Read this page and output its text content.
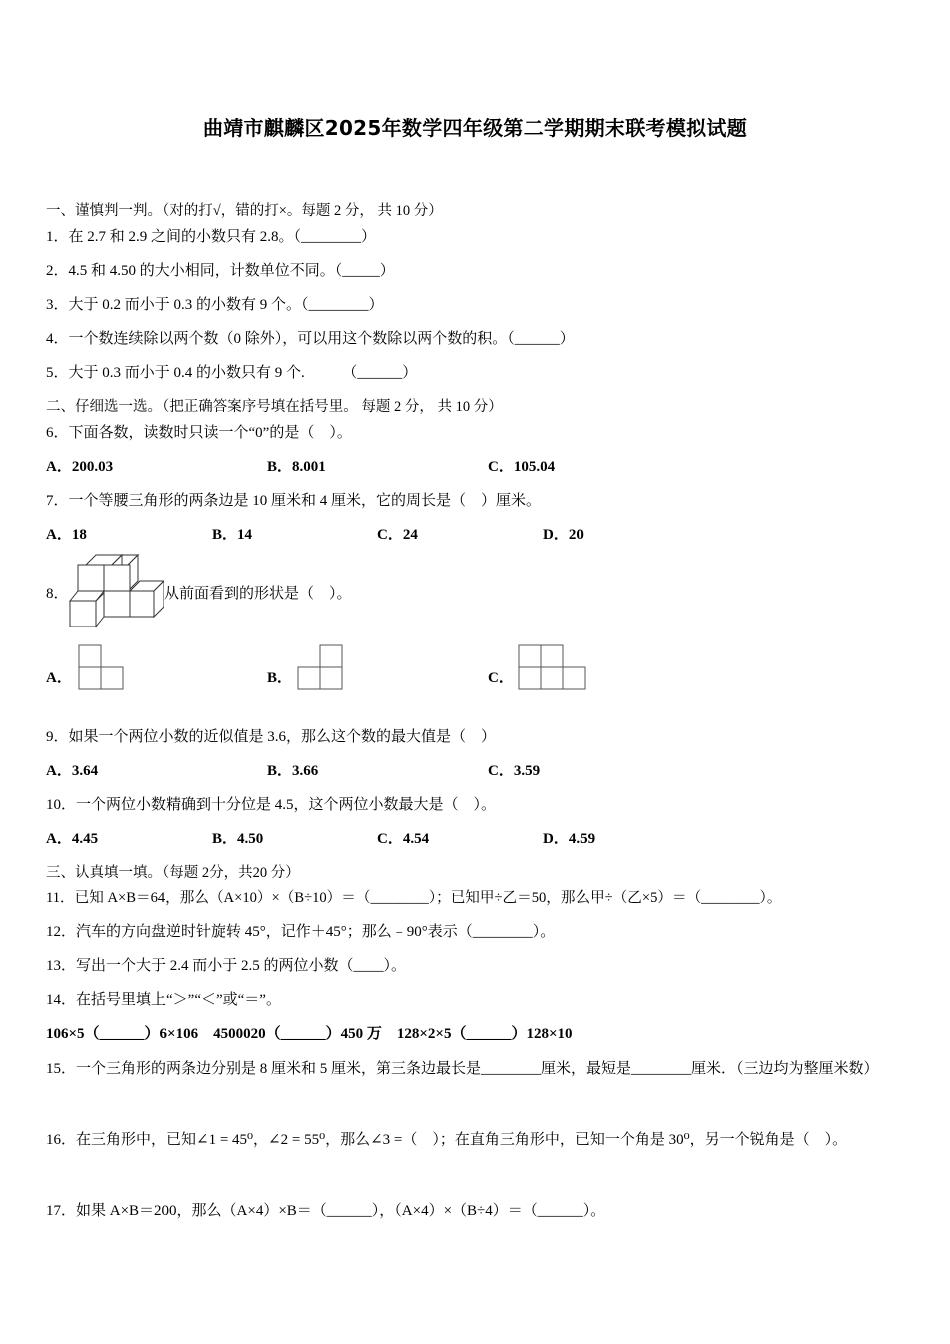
曲靖市麒麟区2025年数学四年级第二学期期末联考模拟试题
一、谨慎判一判。（对的打√，错的打×。每题 2 分， 共 10 分）
1．在 2.7 和 2.9 之间的小数只有 2.8。（________）
2．4.5 和 4.50 的大小相同，计数单位不同。（_____）
3．大于 0.2 而小于 0.3 的小数有 9 个。（________）
4．一个数连续除以两个数（0 除外），可以用这个数除以两个数的积。（______）
5．大于 0.3 而小于 0.4 的小数只有 9 个.　　　（______）
二、仔细选一选。（把正确答案序号填在括号里。 每题 2 分， 共 10 分）
6．下面各数，读数时只读一个“0”的是（　）。
A．200.03	B．8.001	C．105.04
7．一个等腰三角形的两条边是 10 厘米和 4 厘米，它的周长是（　）厘米。
A．18	B．14	C．24	D．20
8．	从前面看到的形状是（　）。
A．	B．	C．
9．如果一个两位小数的近似值是 3.6，那么这个数的最大值是（　）
A．3.64	B．3.66	C．3.59
10．一个两位小数精确到十分位是 4.5，这个两位小数最大是（　）。
A．4.45	B．4.50	C．4.54	D．4.59
三、认真填一填。（每题 2分，共20 分）
11．已知 A×B＝64，那么（A×10）×（B÷10）＝（________）；已知甲÷乙＝50，那么甲÷（乙×5）＝（________）。
12．汽车的方向盘逆时针旋转 45°，记作＋45°；那么﹣90°表示（________）。
13．写出一个大于 2.4 而小于 2.5 的两位小数（____）。
14．在括号里填上“＞”“＜”或“＝”。
106×5（______）6×106　4500020（______）450 万　128×2×5（______）128×10
15．一个三角形的两条边分别是 8 厘米和 5 厘米，第三条边最长是________厘米，最短是________厘米．（三边均为整厘米数）
16．在三角形中，已知∠1 = 45⁰，∠2 = 55⁰，那么∠3 =（　）；在直角三角形中，已知一个角是 30⁰，另一个锐角是（　）。
17．如果 A×B＝200，那么（A×4）×B＝（______），（A×4）×（B÷4）＝（______）。
